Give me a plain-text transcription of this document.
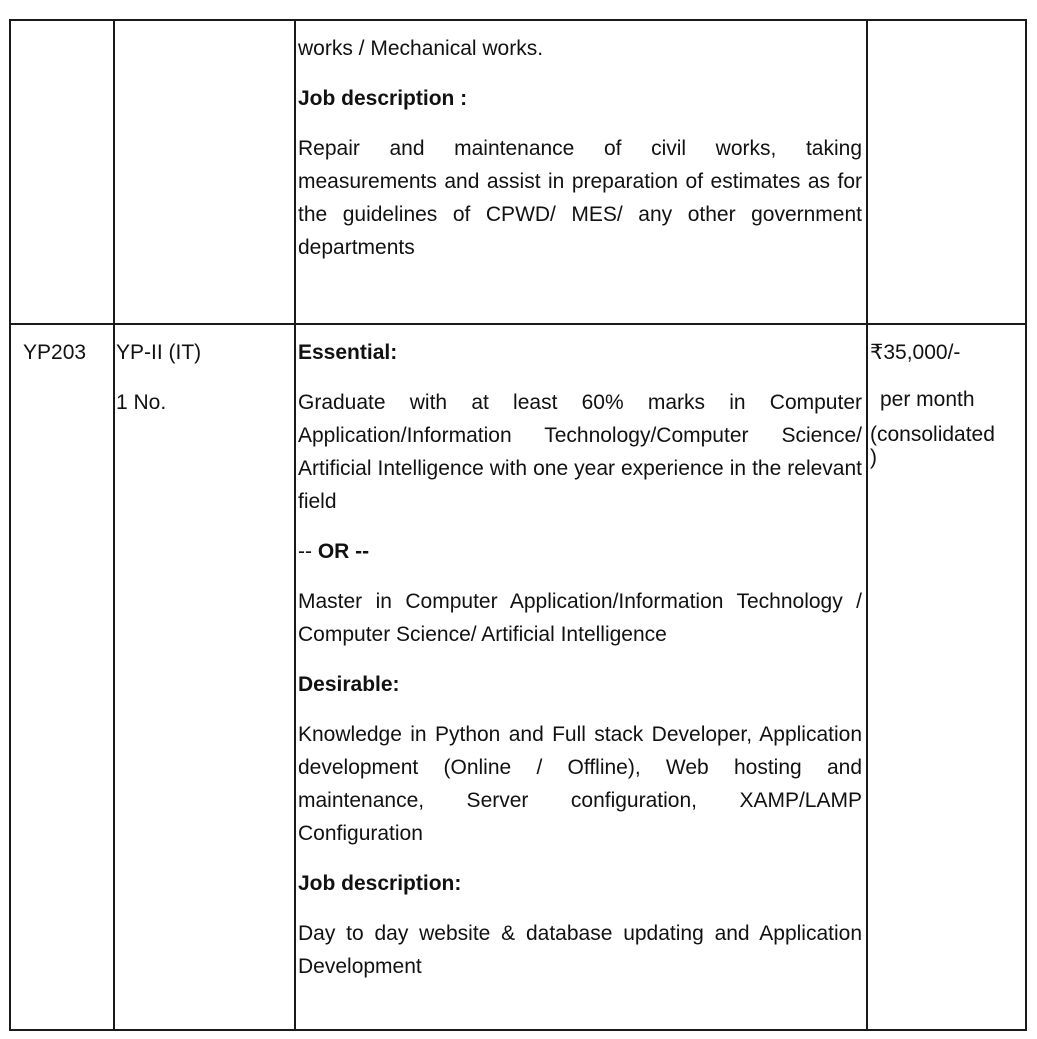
works / Mechanical works.

Job description :

Repair and maintenance of civil works, taking measurements and assist in preparation of estimates as for the guidelines of CPWD/ MES/ any other government departments

YP203	YP-II (IT)

1 No.

Essential:

Graduate with at least 60% marks in Computer Application/Information Technology/Computer Science/ Artificial Intelligence with one year experience in the relevant field

-- OR --

Master in Computer Application/Information Technology / Computer Science/ Artificial Intelligence

Desirable:

Knowledge in Python and Full stack Developer, Application development (Online / Offline), Web hosting and maintenance, Server configuration, XAMP/LAMP Configuration

Job description:

Day to day website & database updating and Application Development

₹35,000/-
per month
(consolidated
)
